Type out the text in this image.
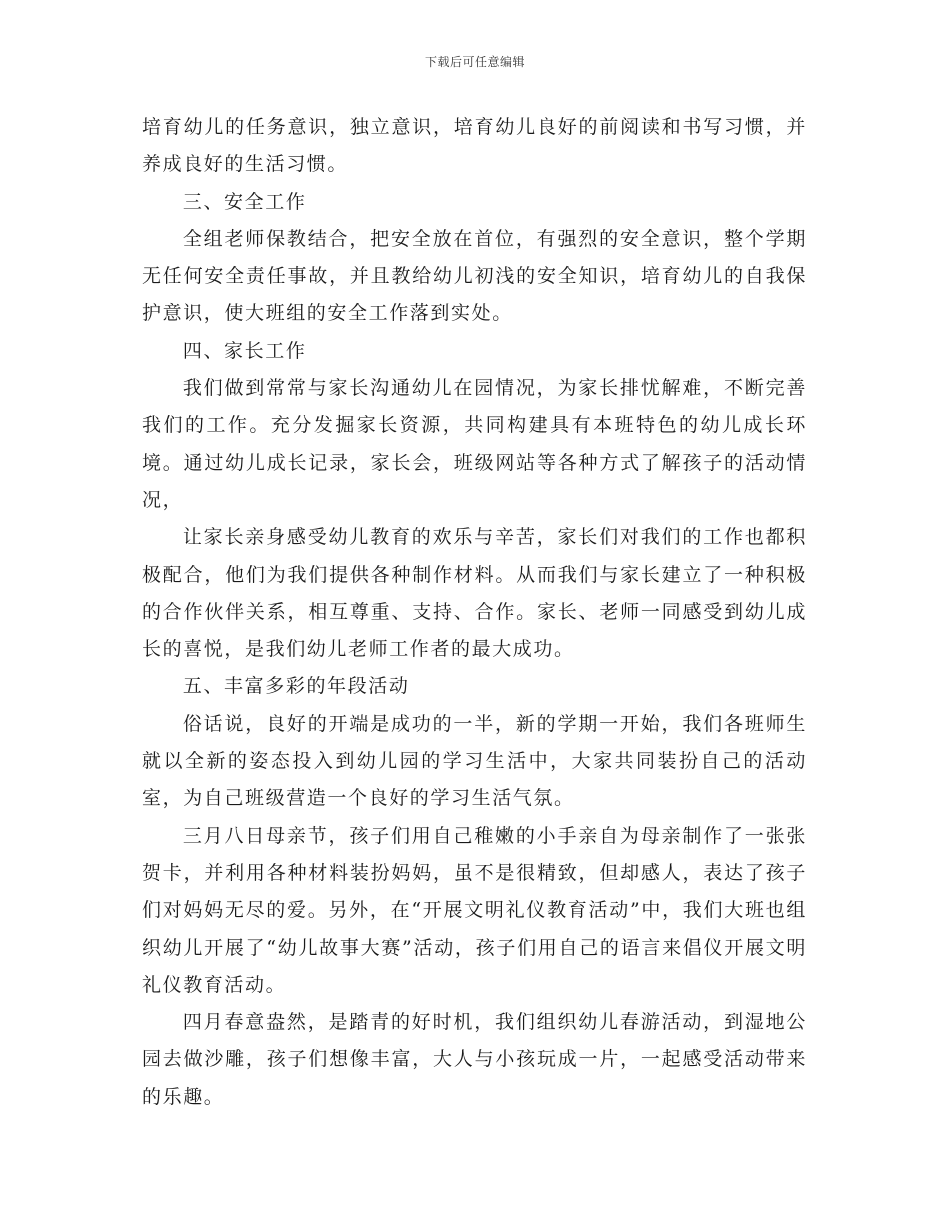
下载后可任意编辑

培育幼儿的任务意识，独立意识，培育幼儿良好的前阅读和书写习惯，并养成良好的生活习惯。

三、安全工作

全组老师保教结合，把安全放在首位，有强烈的安全意识，整个学期无任何安全责任事故，并且教给幼儿初浅的安全知识，培育幼儿的自我保护意识，使大班组的安全工作落到实处。

四、家长工作

我们做到常常与家长沟通幼儿在园情况，为家长排忧解难，不断完善我们的工作。充分发掘家长资源，共同构建具有本班特色的幼儿成长环境。通过幼儿成长记录，家长会，班级网站等各种方式了解孩子的活动情况，

让家长亲身感受幼儿教育的欢乐与辛苦，家长们对我们的工作也都积极配合，他们为我们提供各种制作材料。从而我们与家长建立了一种积极的合作伙伴关系，相互尊重、支持、合作。家长、老师一同感受到幼儿成长的喜悦，是我们幼儿老师工作者的最大成功。

五、丰富多彩的年段活动

俗话说，良好的开端是成功的一半，新的学期一开始，我们各班师生就以全新的姿态投入到幼儿园的学习生活中，大家共同装扮自己的活动室，为自己班级营造一个良好的学习生活气氛。

三月八日母亲节，孩子们用自己稚嫩的小手亲自为母亲制作了一张张贺卡，并利用各种材料装扮妈妈，虽不是很精致，但却感人，表达了孩子们对妈妈无尽的爱。另外，在“开展文明礼仪教育活动”中，我们大班也组织幼儿开展了“幼儿故事大赛”活动，孩子们用自己的语言来倡仪开展文明礼仪教育活动。

四月春意盎然，是踏青的好时机，我们组织幼儿春游活动，到湿地公园去做沙雕，孩子们想像丰富，大人与小孩玩成一片，一起感受活动带来的乐趣。
